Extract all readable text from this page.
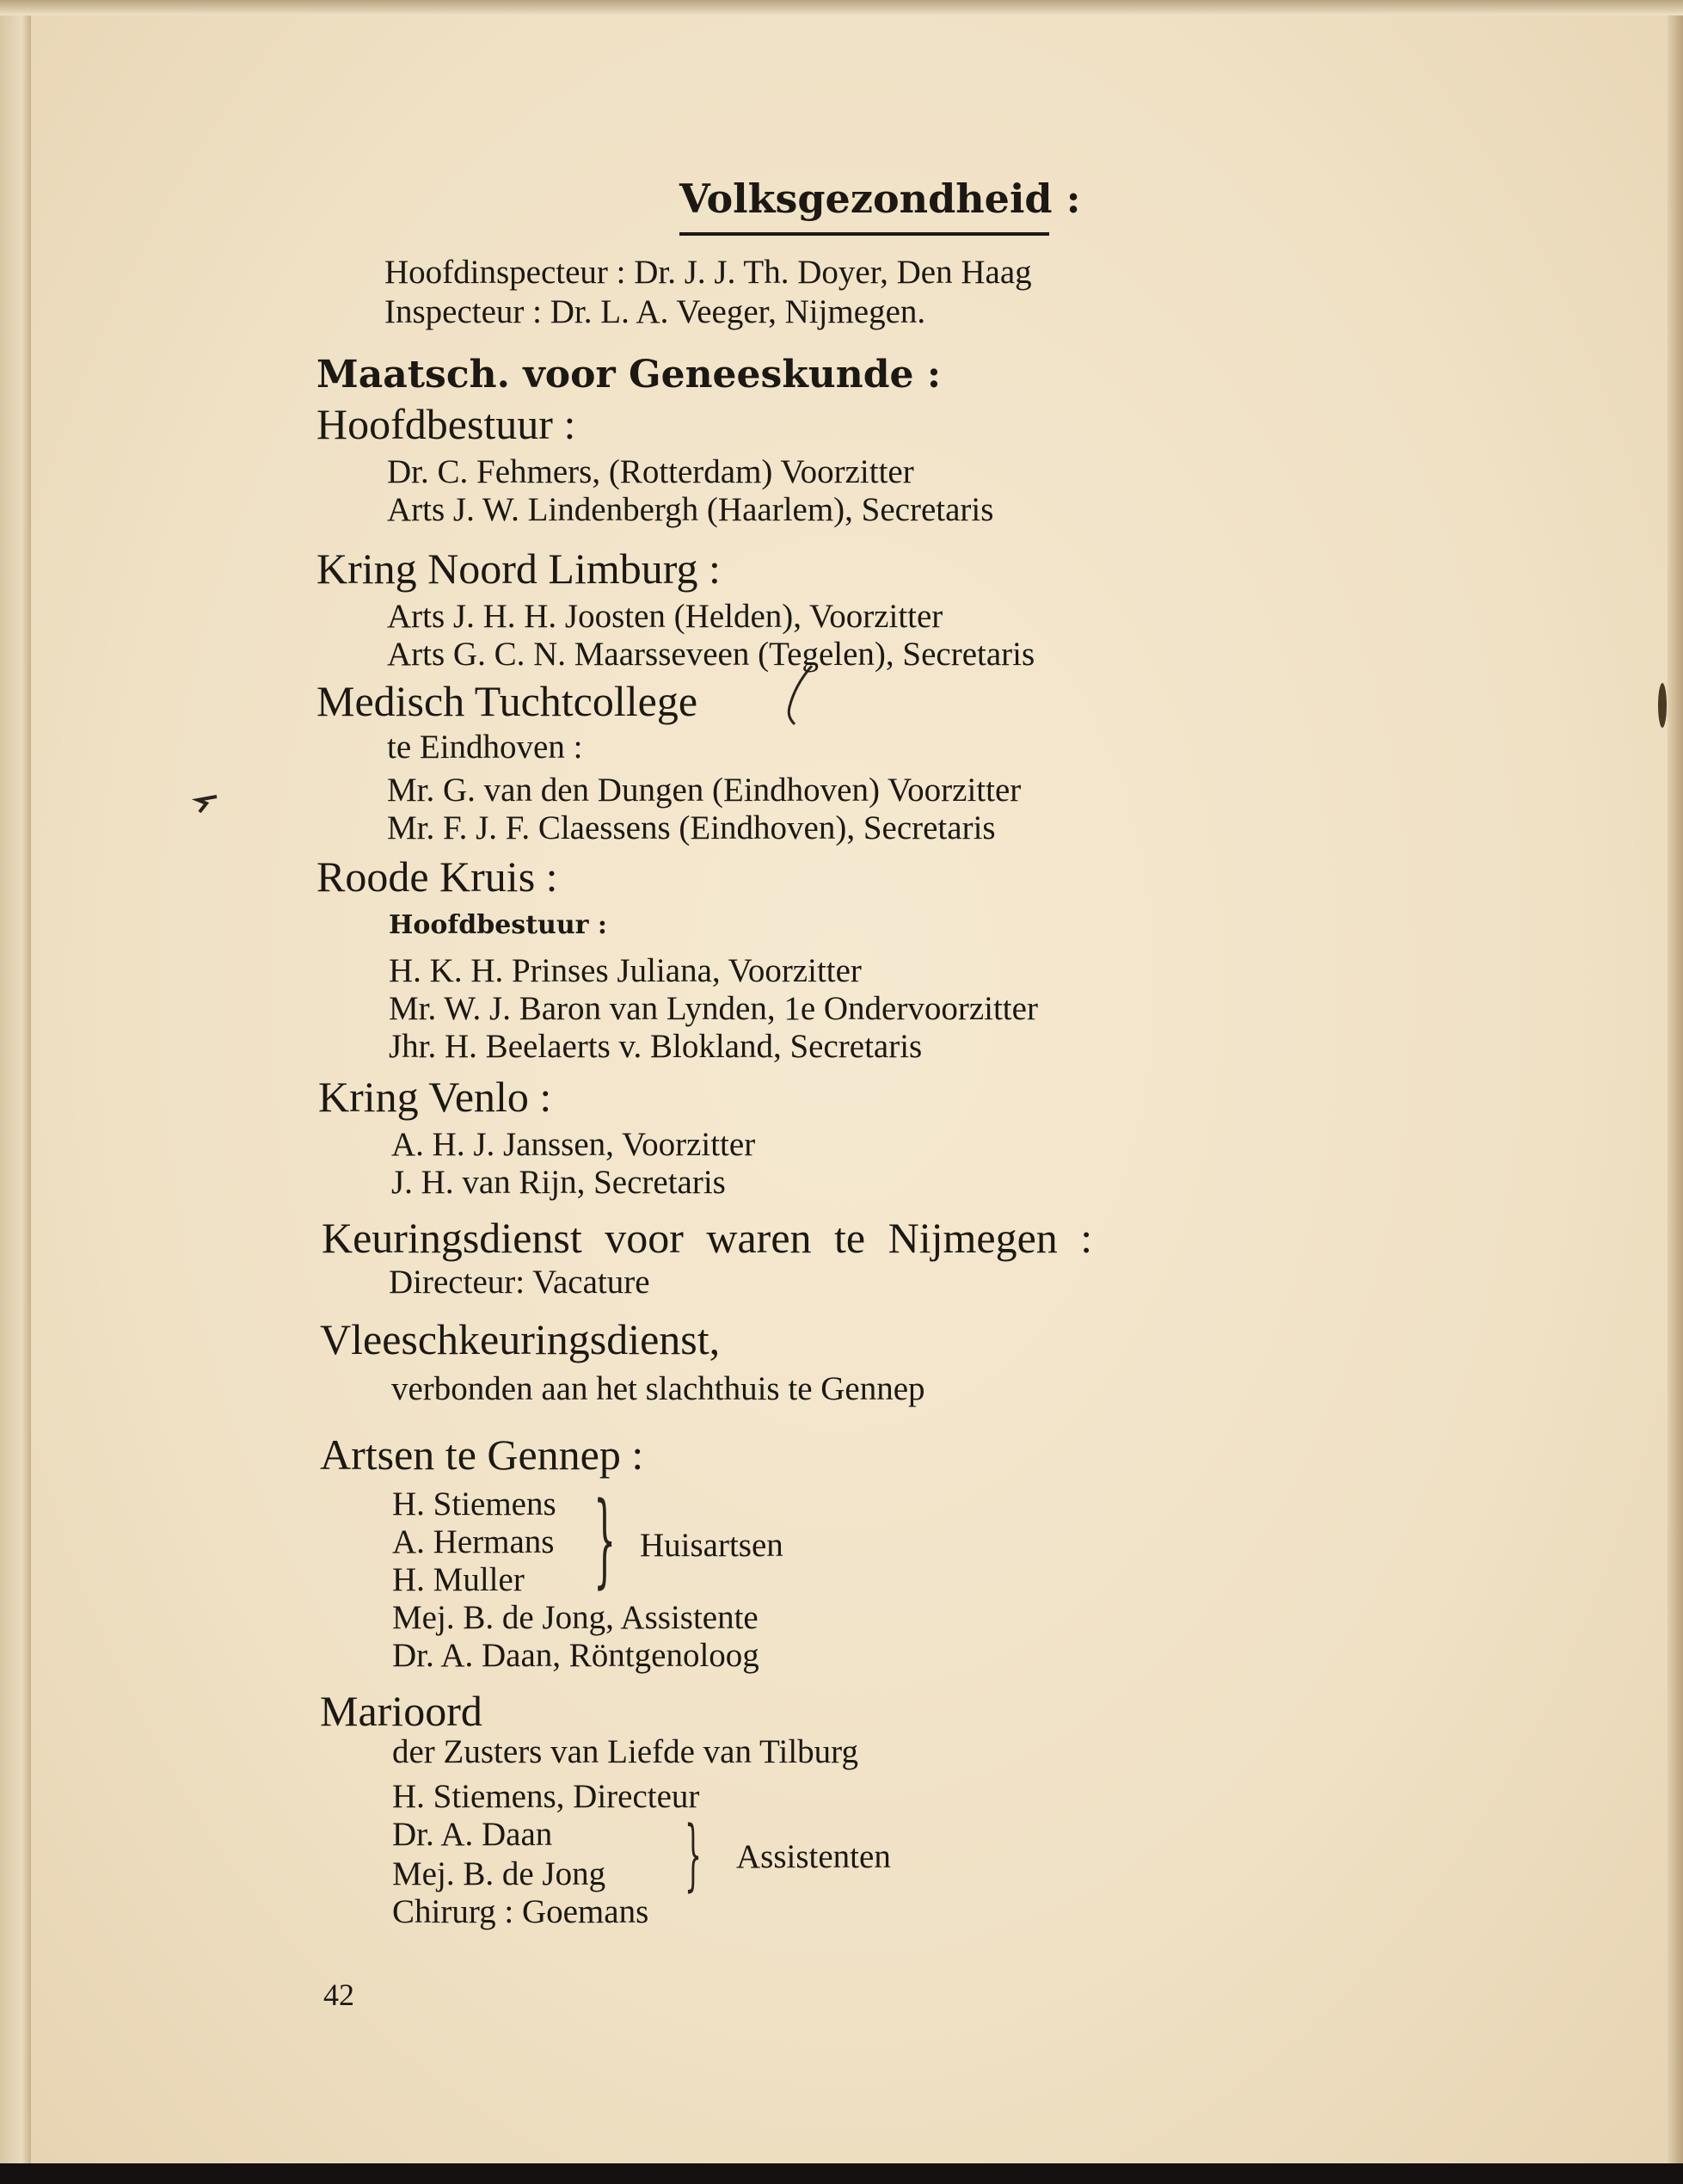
Volksgezondheid :

Hoofdinspecteur : Dr. J. J. Th. Doyer, Den Haag

Inspecteur : Dr. L. A. Veeger, Nijmegen.

Maatsch. voor Geneeskunde :

Hoofdbestuur :

Dr. C. Fehmers, (Rotterdam) Voorzitter

Arts J. W. Lindenbergh (Haarlem), Secretaris

Kring Noord Limburg :

Arts J. H. H. Joosten (Helden), Voorzitter

Arts G. C. N. Maarsseveen (Tegelen), Secretaris

Medisch Tuchtcollege

te Eindhoven :

Mr. G. van den Dungen (Eindhoven) Voorzitter

Mr. F. J. F. Claessens (Eindhoven), Secretaris

Roode Kruis :

Hoofdbestuur :

H. K. H. Prinses Juliana, Voorzitter

Mr. W. J. Baron van Lynden, 1e Ondervoorzitter

Jhr. H. Beelaerts v. Blokland, Secretaris

Kring Venlo :

A. H. J. Janssen, Voorzitter

J. H. van Rijn, Secretaris

Keuringsdienst voor waren te Nijmegen :

Directeur: Vacature

Vleeschkeuringsdienst,

verbonden aan het slachthuis te Gennep

Artsen te Gennep :

H. Stiemens

A. Hermans

H. Muller } Huisartsen

Mej. B. de Jong, Assistente

Dr. A. Daan, Röntgenoloog

Marioord

der Zusters van Liefde van Tilburg

H. Stiemens, Directeur

Dr. A. Daan

Mej. B. de Jong } Assistenten

Chirurg : Goemans

42
